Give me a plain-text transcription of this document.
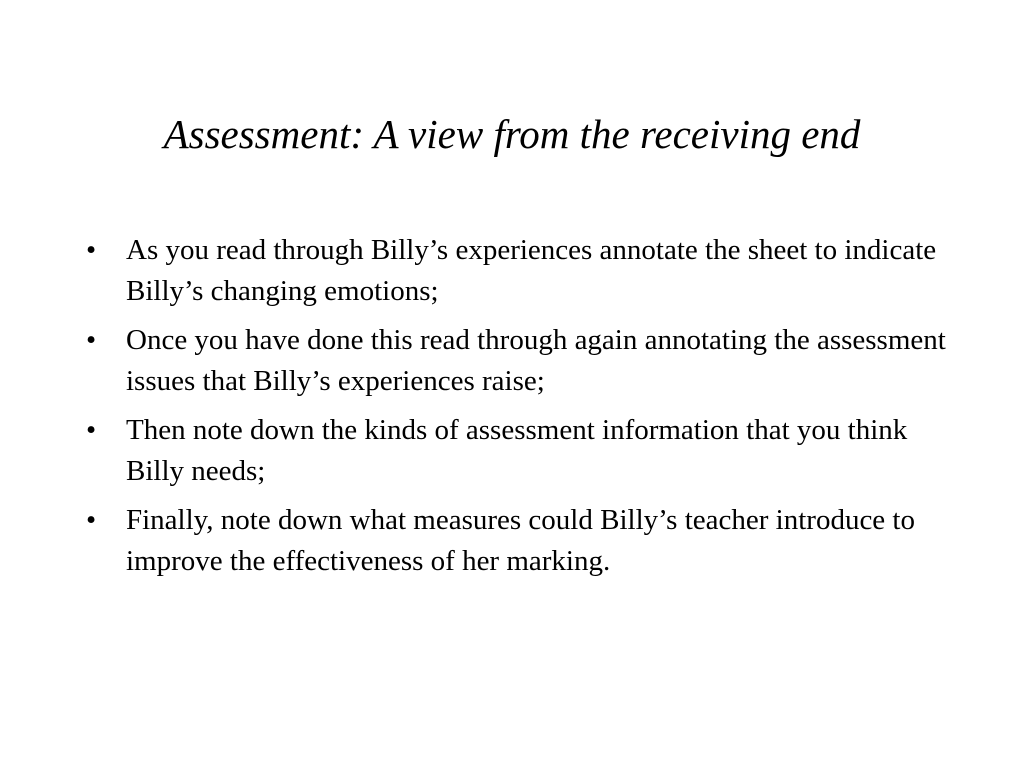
Assessment: A view from the receiving end
•	As you read through Billy’s experiences annotate the sheet to indicate Billy’s changing emotions;
•	Once you have done this read through again annotating the assessment issues that Billy’s experiences raise;
•	Then note down the kinds of assessment information that you think Billy needs;
•	Finally, note down what measures could Billy’s teacher introduce to improve the effectiveness of her marking.
